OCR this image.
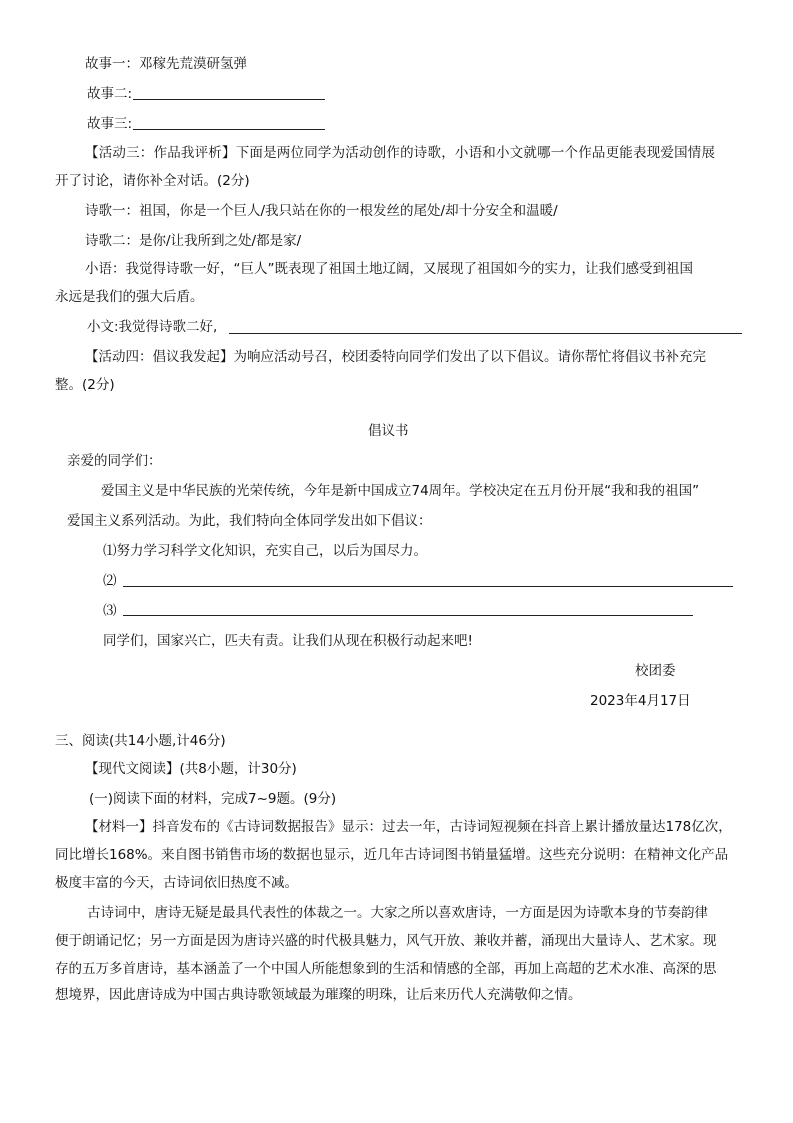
故事一：邓稼先荒漠研氢弹
故事二:
故事三:
【活动三：作品我评析】下面是两位同学为活动创作的诗歌，小语和小文就哪一个作品更能表现爱国情展
开了讨论，请你补全对话。(2分)
诗歌一：祖国，你是一个巨人/我只站在你的一根发丝的尾处/却十分安全和温暖/
诗歌二：是你/让我所到之处/都是家/
小语：我觉得诗歌一好，“巨人”既表现了祖国土地辽阔，又展现了祖国如今的实力，让我们感受到祖国
永远是我们的强大后盾。
小文:我觉得诗歌二好,
【活动四：倡议我发起】为响应活动号召，校团委特向同学们发出了以下倡议。请你帮忙将倡议书补充完
整。(2分)
倡议书
亲爱的同学们：
爱国主义是中华民族的光荣传统，今年是新中国成立74周年。学校决定在五月份开展“我和我的祖国”
爱国主义系列活动。为此，我们特向全体同学发出如下倡议：
⑴努力学习科学文化知识，充实自己，以后为国尽力。
⑵
⑶
同学们，国家兴亡，匹夫有责。让我们从现在积极行动起来吧!
校团委
2023年4月17日
三、阅读(共14小题,计46分)
【现代文阅读】(共8小题，计30分)
(一)阅读下面的材料，完成7~9题。(9分)
【材料一】抖音发布的《古诗词数据报告》显示：过去一年，古诗词短视频在抖音上累计播放量达178亿次，
同比增长168%。来自图书销售市场的数据也显示，近几年古诗词图书销量猛增。这些充分说明：在精神文化产品
极度丰富的今天，古诗词依旧热度不减。
古诗词中，唐诗无疑是最具代表性的体裁之一。大家之所以喜欢唐诗，一方面是因为诗歌本身的节奏韵律
便于朗诵记忆；另一方面是因为唐诗兴盛的时代极具魅力，风气开放、兼收并蓄，涌现出大量诗人、艺术家。现
存的五万多首唐诗，基本涵盖了一个中国人所能想象到的生活和情感的全部，再加上高超的艺术水准、高深的思
想境界，因此唐诗成为中国古典诗歌领域最为璀璨的明珠，让后来历代人充满敬仰之情。
